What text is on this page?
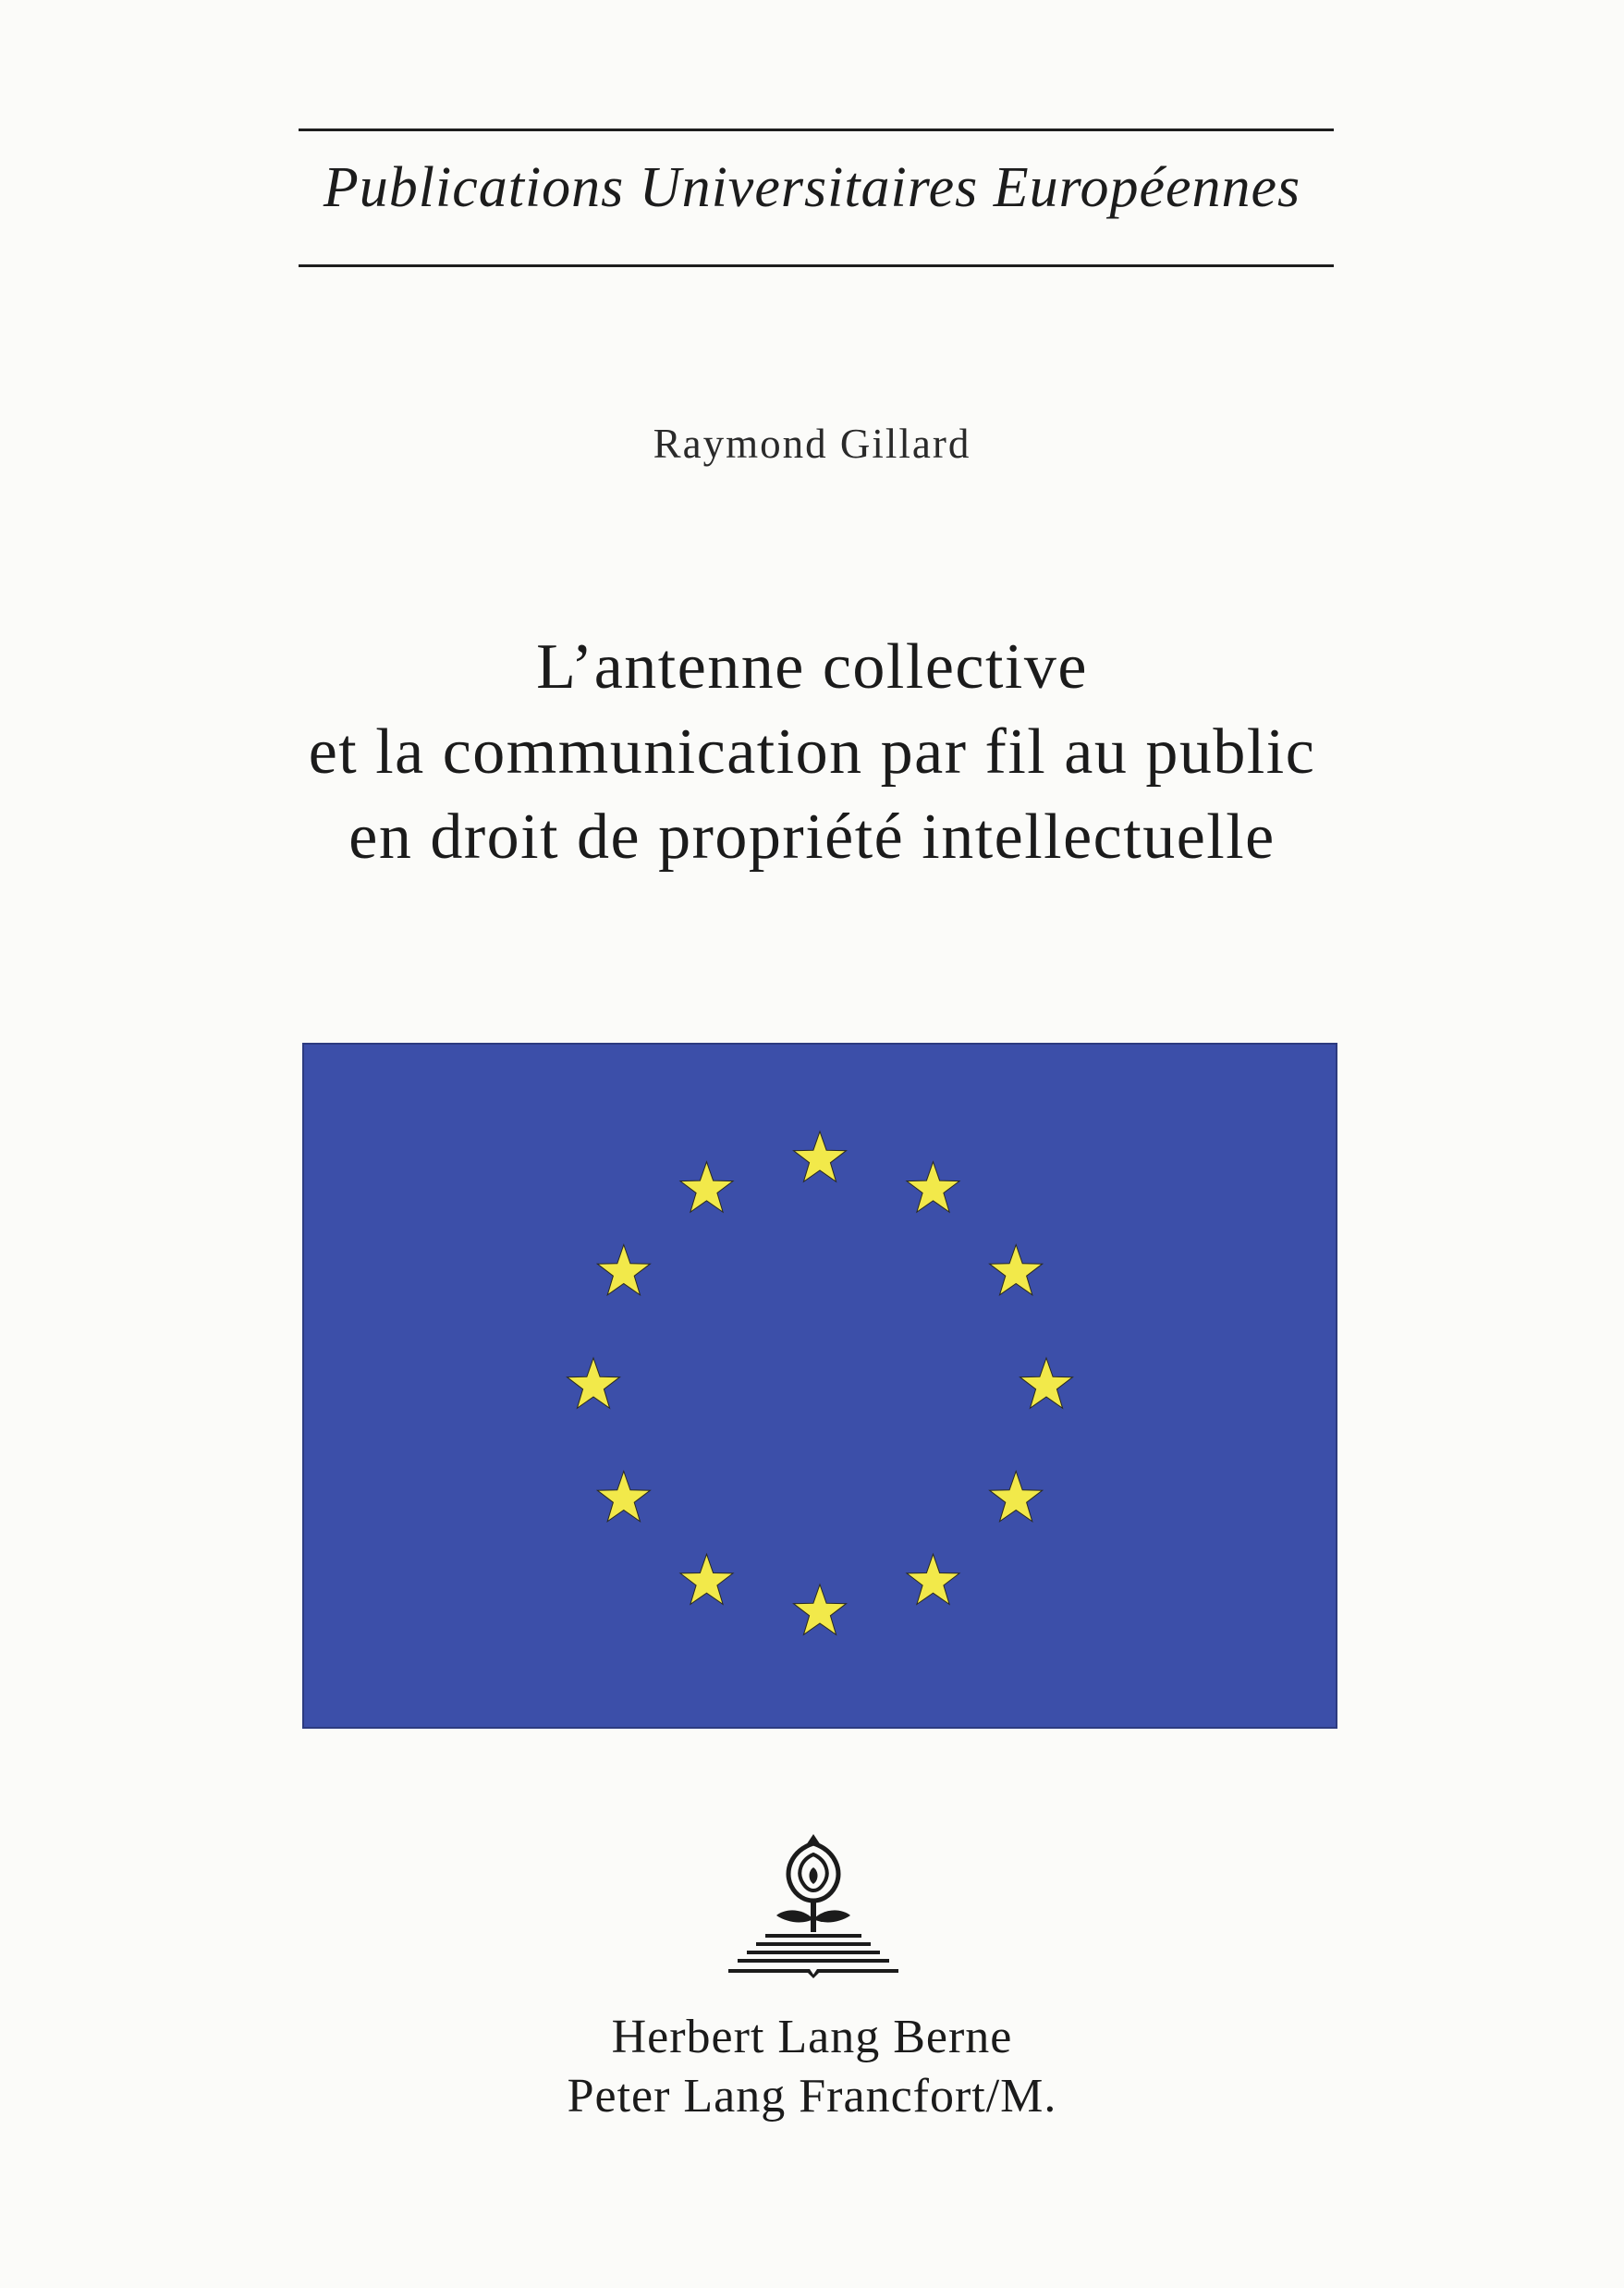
Publications Universitaires Européennes
Raymond Gillard
L’antenne collective
et la communication par fil au public
en droit de propriété intellectuelle
Herbert Lang Berne
Peter Lang Francfort/M.
